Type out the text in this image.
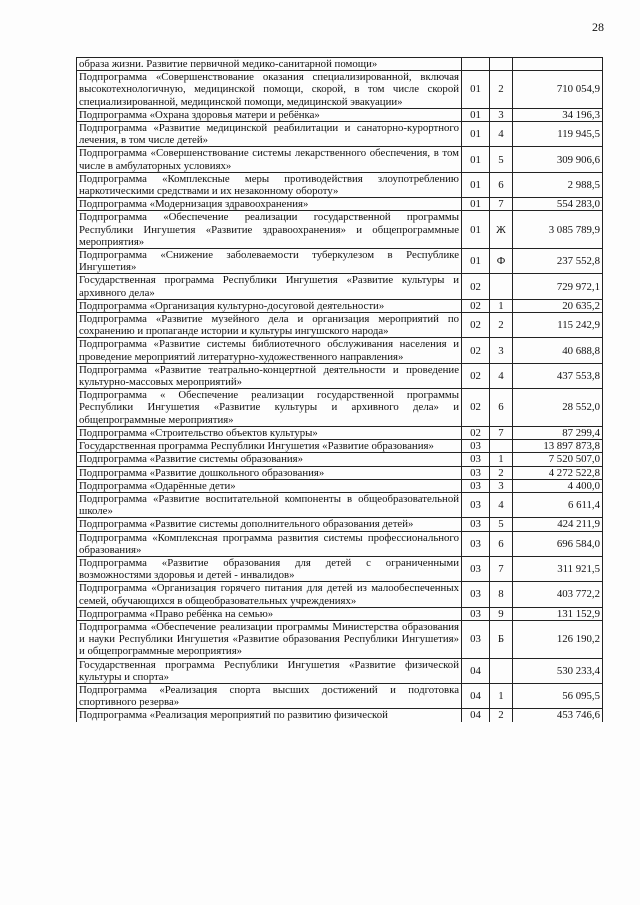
28
образа жизни. Развитие первичной медико-санитарной помощи»			
Подпрограмма «Совершенствование оказания специализированной, включая высокотехнологичную, медицинской помощи, скорой, в том числе скорой специализированной, медицинской помощи, медицинской эвакуации»	01	2	710 054,9
Подпрограмма «Охрана здоровья матери и ребёнка»	01	3	34 196,3
Подпрограмма «Развитие медицинской реабилитации и санаторно-курортного лечения, в том числе детей»	01	4	119 945,5
Подпрограмма «Совершенствование системы лекарственного обеспечения, в том числе в амбулаторных условиях»	01	5	309 906,6
Подпрограмма «Комплексные меры противодействия злоупотреблению наркотическими средствами и их незаконному обороту»	01	6	2 988,5
Подпрограмма «Модернизация здравоохранения»	01	7	554 283,0
Подпрограмма «Обеспечение реализации государственной программы Республики Ингушетия «Развитие здравоохранения» и общепрограммные мероприятия»	01	Ж	3 085 789,9
Подпрограмма «Снижение заболеваемости туберкулезом в Республике Ингушетия»	01	Ф	237 552,8
Государственная программа Республики Ингушетия «Развитие культуры и архивного дела»	02		729 972,1
Подпрограмма «Организация культурно-досуговой деятельности»	02	1	20 635,2
Подпрограмма «Развитие музейного дела и организация мероприятий по сохранению и пропаганде истории и культуры ингушского народа»	02	2	115 242,9
Подпрограмма «Развитие системы библиотечного обслуживания населения и проведение мероприятий литературно-художественного направления»	02	3	40 688,8
Подпрограмма «Развитие театрально-концертной деятельности и проведение культурно-массовых мероприятий»	02	4	437 553,8
Подпрограмма « Обеспечение реализации государственной программы Республики Ингушетия «Развитие культуры и архивного дела» и общепрограммные мероприятия»	02	6	28 552,0
Подпрограмма «Строительство объектов культуры»	02	7	87 299,4
Государственная программа Республики Ингушетия «Развитие образования»	03		13 897 873,8
Подпрограмма «Развитие системы образования»	03	1	7 520 507,0
Подпрограмма «Развитие дошкольного образования»	03	2	4 272 522,8
Подпрограмма «Одарённые дети»	03	3	4 400,0
Подпрограмма «Развитие воспитательной компоненты в общеобразовательной школе»	03	4	6 611,4
Подпрограмма «Развитие системы дополнительного образования детей»	03	5	424 211,9
Подпрограмма «Комплексная программа развития системы профессионального образования»	03	6	696 584,0
Подпрограмма «Развитие образования для детей с ограниченными возможностями здоровья и детей - инвалидов»	03	7	311 921,5
Подпрограмма «Организация горячего питания для детей из малообеспеченных семей, обучающихся в общеобразовательных учреждениях»	03	8	403 772,2
Подпрограмма «Право ребёнка на семью»	03	9	131 152,9
Подпрограмма «Обеспечение реализации программы Министерства образования и науки Республики Ингушетия «Развитие образования Республики Ингушетия» и общепрограммные мероприятия»	03	Б	126 190,2
Государственная программа Республики Ингушетия «Развитие физической культуры и спорта»	04		530 233,4
Подпрограмма «Реализация спорта высших достижений и подготовка спортивного резерва»	04	1	56 095,5
Подпрограмма «Реализация мероприятий по развитию физической	04	2	453 746,6
